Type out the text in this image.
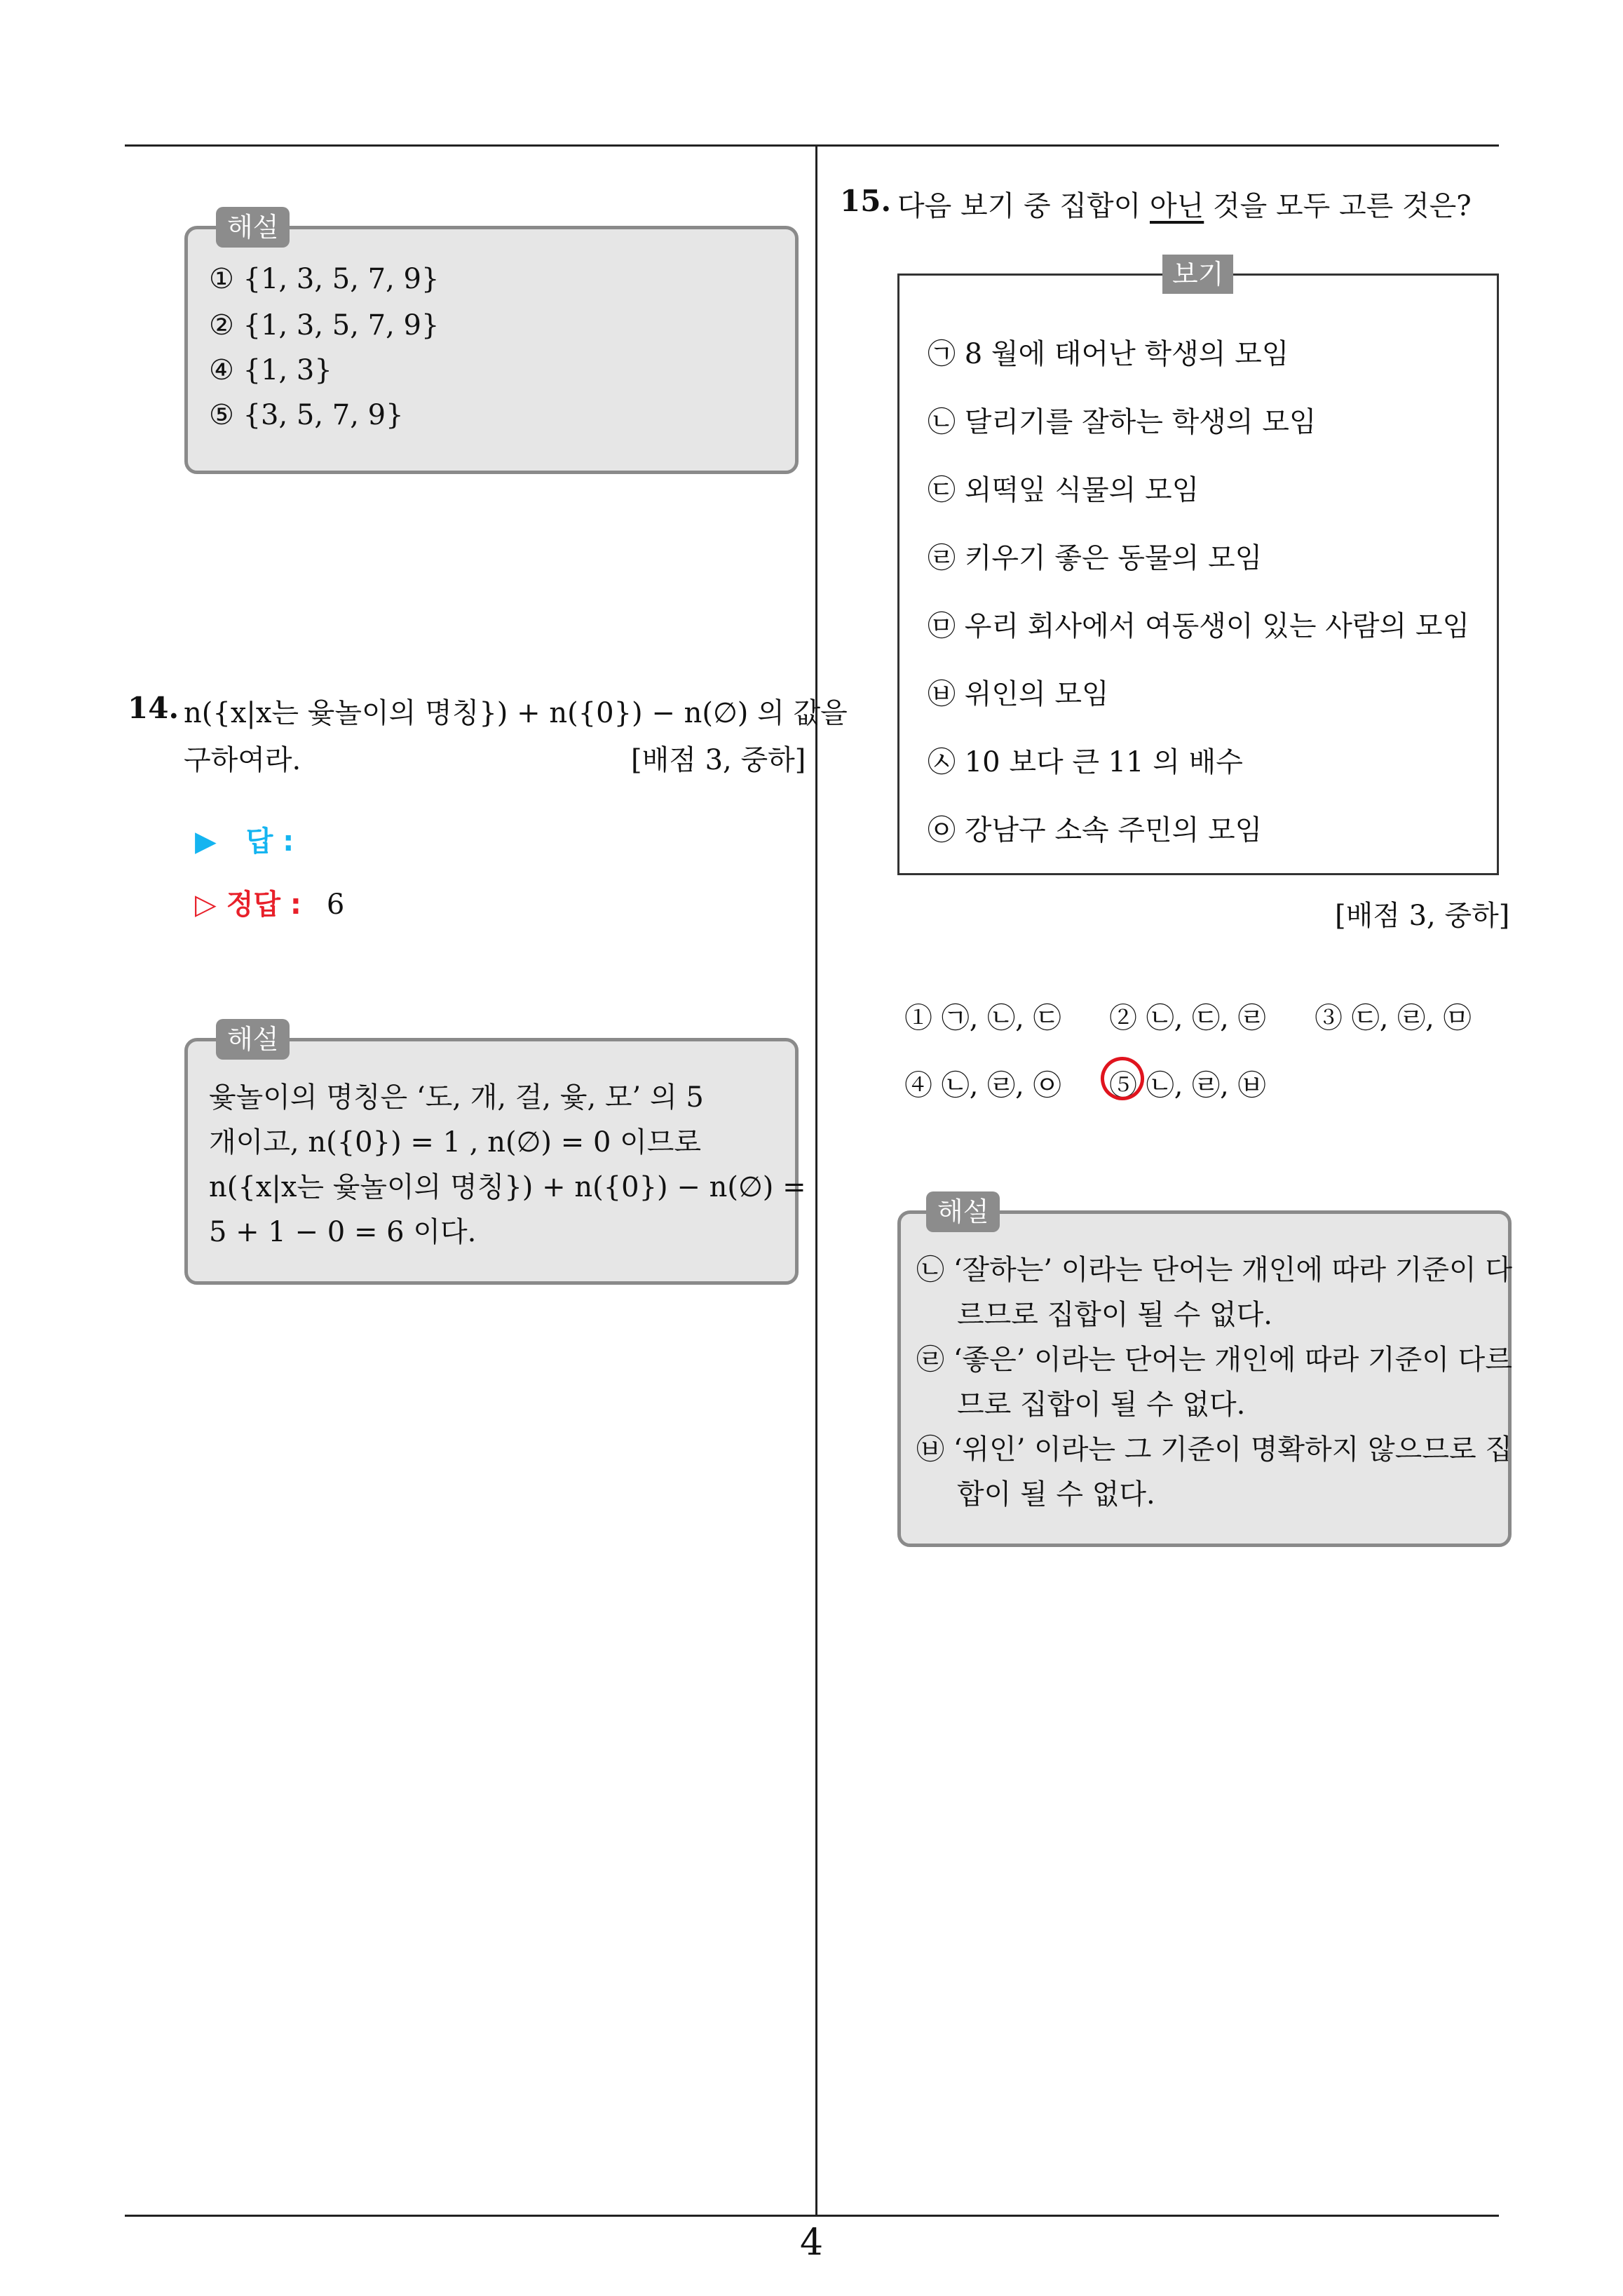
해설
① {1, 3, 5, 7, 9}
② {1, 3, 5, 7, 9}
④ {1, 3}
⑤ {3, 5, 7, 9}
14. n({x|x는 윷놀이의 명칭}) + n({0}) − n(∅) 의 값을
구하여라.	[배점 3, 중하]
▶ 답 :
▷ 정답 : 6
해설
윷놀이의 명칭은 ‘도, 개, 걸, 윷, 모’ 의 5
개이고, n({0}) = 1 , n(∅) = 0 이므로
n({x|x는 윷놀이의 명칭}) + n({0}) − n(∅) =
5 + 1 − 0 = 6 이다.
15. 다음 보기 중 집합이 아닌 것을 모두 고른 것은?
보기
㉠ 8 월에 태어난 학생의 모임
㉡ 달리기를 잘하는 학생의 모임
㉢ 외떡잎 식물의 모임
㉣ 키우기 좋은 동물의 모임
㉤ 우리 회사에서 여동생이 있는 사람의 모임
㉥ 위인의 모임
㉦ 10 보다 큰 11 의 배수
㉧ 강남구 소속 주민의 모임
[배점 3, 중하]
① ㉠, ㉡, ㉢ ② ㉡, ㉢, ㉣ ③ ㉢, ㉣, ㉤
④ ㉡, ㉣, ㉧ ⑤ ㉡, ㉣, ㉥
해설
㉡ ‘잘하는’ 이라는 단어는 개인에 따라 기준이 다
르므로 집합이 될 수 없다.
㉣ ‘좋은’ 이라는 단어는 개인에 따라 기준이 다르
므로 집합이 될 수 없다.
㉥ ‘위인’ 이라는 그 기준이 명확하지 않으므로 집
합이 될 수 없다.
4
